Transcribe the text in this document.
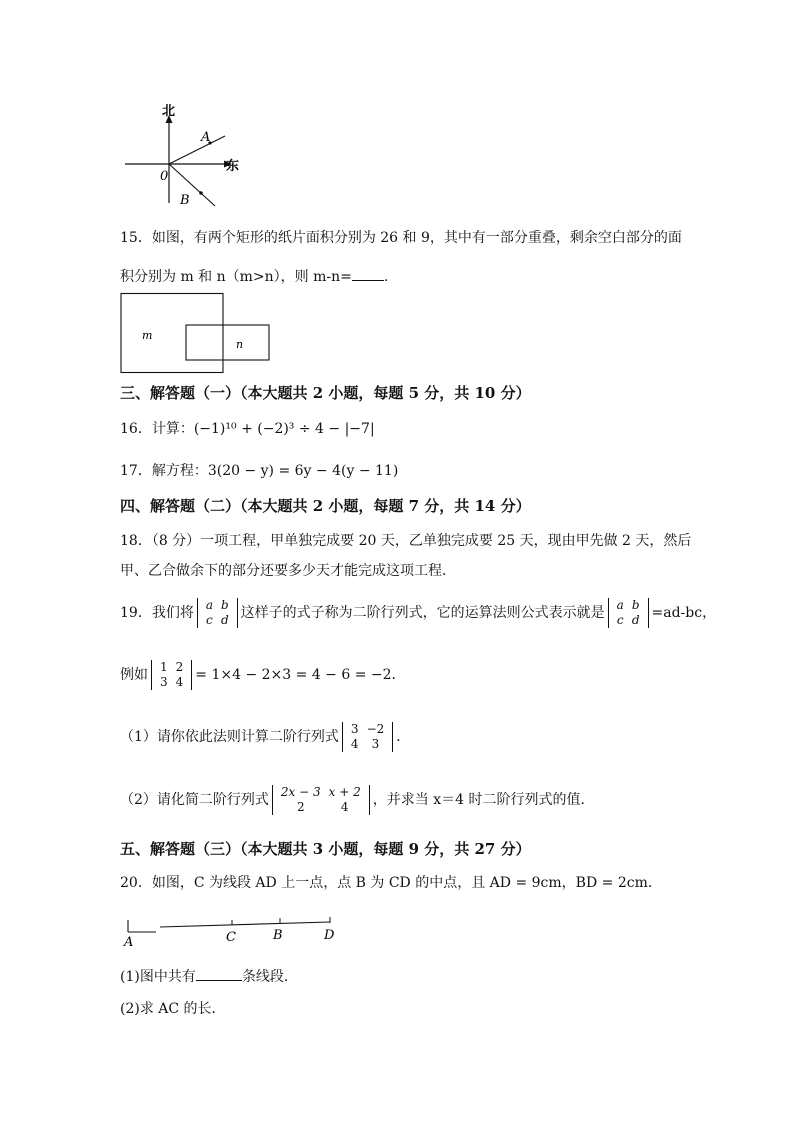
北
东
0
A
B
15．如图，有两个矩形的纸片面积分别为 26 和 9，其中有一部分重叠，剩余空白部分的面
积分别为 m 和 n（m>n），则 m-n= .
m
n
三、解答题（一）（本大题共 2 小题，每题 5 分，共 10 分）
16．计算：(−1)¹⁰ + (−2)³ ÷ 4 − |−7|
17．解方程：3(20 − y) = 6y − 4(y − 11)
四、解答题（二）（本大题共 2 小题，每题 7 分，共 14 分）
18．（8 分）一项工程，甲单独完成要 20 天，乙单独完成要 25 天，现由甲先做 2 天，然后
甲、乙合做余下的部分还要多少天才能完成这项工程．
19．我们将 a	b
c	d 这样子的式子称为二阶行列式，它的运算法则公式表示就是 a	b
c	d =ad-bc，
例如 1	2
3	4 = 1×4 − 2×3 = 4 − 6 = −2．
（1）请你依此法则计算二阶行列式 3	−2
4	3 ．
（2）请化简二阶行列式 2x − 3	x + 2
2	4 ，并求当 x＝4 时二阶行列式的值．
五、解答题（三）（本大题共 3 小题，每题 9 分，共 27 分）
20．如图，C 为线段 AD 上一点，点 B 为 CD 的中点，且 AD = 9cm，BD = 2cm．
A	C	B	D
(1)图中共有	条线段．
(2)求 AC 的长．
